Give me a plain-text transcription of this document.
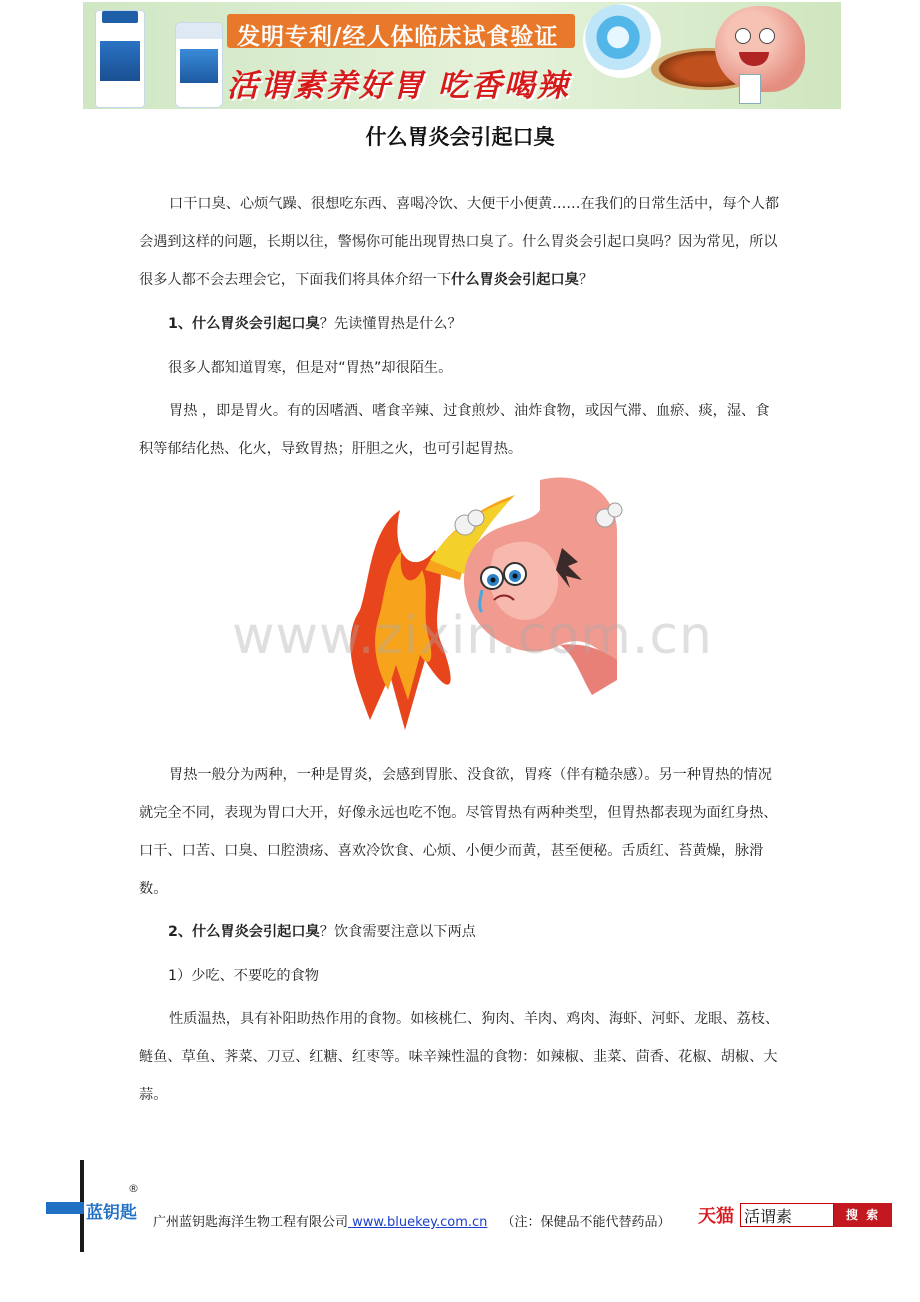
发明专利/经人体临床试食验证
活谓素养好胃 吃香喝辣
什么胃炎会引起口臭

口干口臭、心烦气躁、很想吃东西、喜喝冷饮、大便干小便黄……在我们的日常生活中，每个人都会遇到这样的问题，长期以往，警惕你可能出现胃热口臭了。什么胃炎会引起口臭吗？因为常见，所以很多人都不会去理会它，下面我们将具体介绍一下什么胃炎会引起口臭？

1、什么胃炎会引起口臭？先读懂胃热是什么？
很多人都知道胃寒，但是对“胃热”却很陌生。

胃热 ，即是胃火。有的因嗜酒、嗜食辛辣、过食煎炒、油炸食物，或因气滞、血瘀、痰，湿、食积等郁结化热、化火，导致胃热；肝胆之火，也可引起胃热。

www.zixin.com.cn

胃热一般分为两种，一种是胃炎，会感到胃胀、没食欲，胃疼（伴有糙杂感）。另一种胃热的情况就完全不同，表现为胃口大开，好像永远也吃不饱。尽管胃热有两种类型，但胃热都表现为面红身热、口干、口苦、口臭、口腔溃疡、喜欢冷饮食、心烦、小便少而黄，甚至便秘。舌质红、苔黄燥，脉滑数。

2、什么胃炎会引起口臭？饮食需要注意以下两点
1）少吃、不要吃的食物

性质温热，具有补阳助热作用的食物。如核桃仁、狗肉、羊肉、鸡肉、海虾、河虾、龙眼、荔枝、鲢鱼、草鱼、荠菜、刀豆、红糖、红枣等。味辛辣性温的食物：如辣椒、韭菜、茴香、花椒、胡椒、大蒜。

蓝钥匙
®
广州蓝钥匙海洋生物工程有限公司 www.bluekey.com.cn （注：保健品不能代替药品） 天猫 活谓素	搜 索
